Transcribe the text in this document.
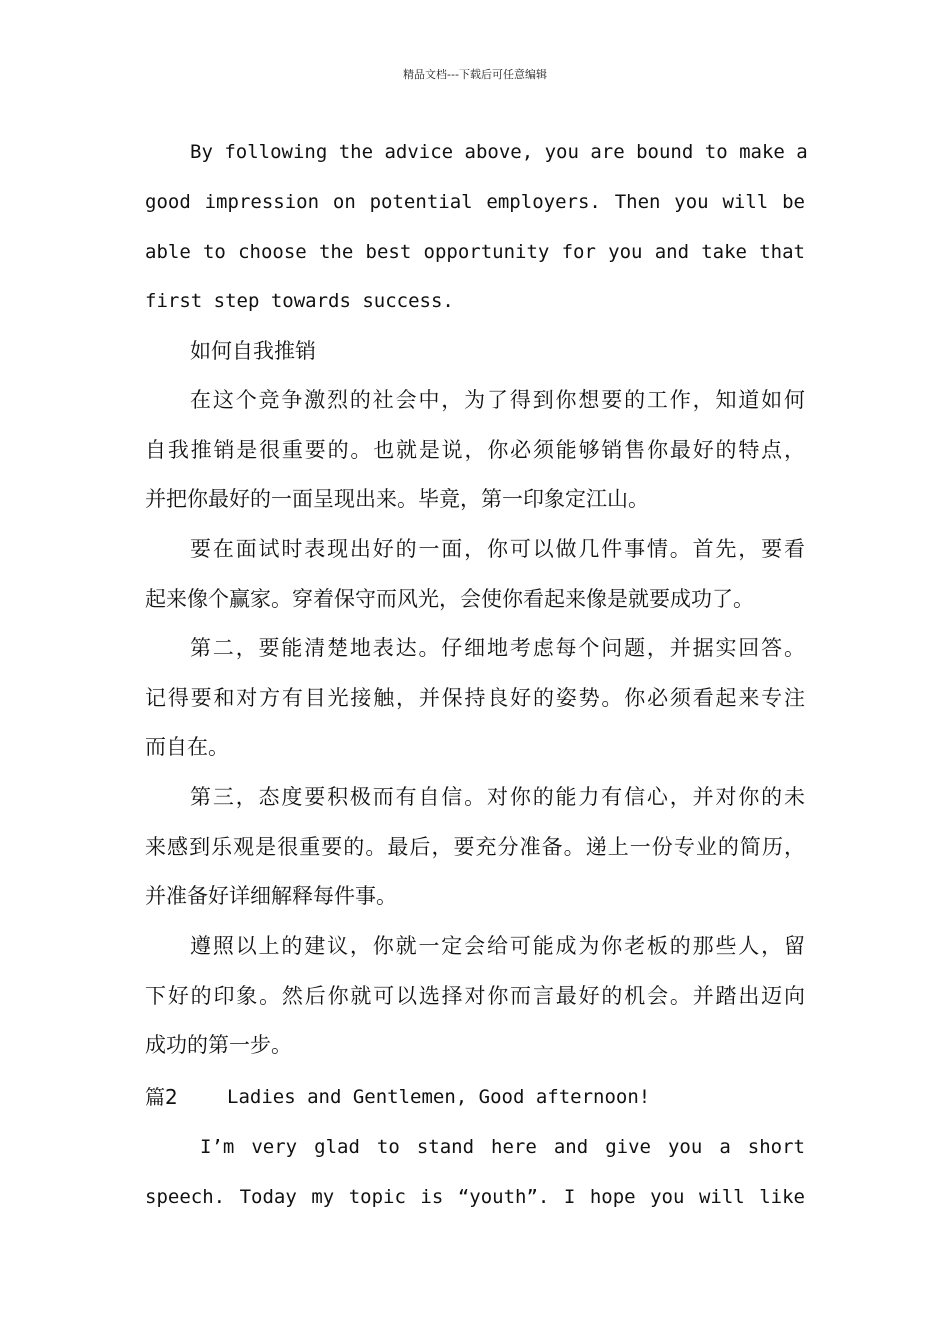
精品文档---下载后可任意编辑
By following the advice above, you are bound to make a
good impression on potential employers. Then you will be
able to choose the best opportunity for you and take that
first step towards success.
如何自我推销
在这个竞争激烈的社会中，为了得到你想要的工作，知道如何
自我推销是很重要的。也就是说，你必须能够销售你最好的特点，
并把你最好的一面呈现出来。毕竟，第一印象定江山。
要在面试时表现出好的一面，你可以做几件事情。首先，要看
起来像个赢家。穿着保守而风光，会使你看起来像是就要成功了。
第二，要能清楚地表达。仔细地考虑每个问题，并据实回答。
记得要和对方有目光接触，并保持良好的姿势。你必须看起来专注
而自在。
第三，态度要积极而有自信。对你的能力有信心，并对你的未
来感到乐观是很重要的。最后，要充分准备。递上一份专业的简历，
并准备好详细解释每件事。
遵照以上的建议，你就一定会给可能成为你老板的那些人，留
下好的印象。然后你就可以选择对你而言最好的机会。并踏出迈向
成功的第一步。
篇2	Ladies and Gentlemen, Good afternoon!
I’m very glad to stand here and give you a short
speech. Today my topic is “youth”. I hope you will like
